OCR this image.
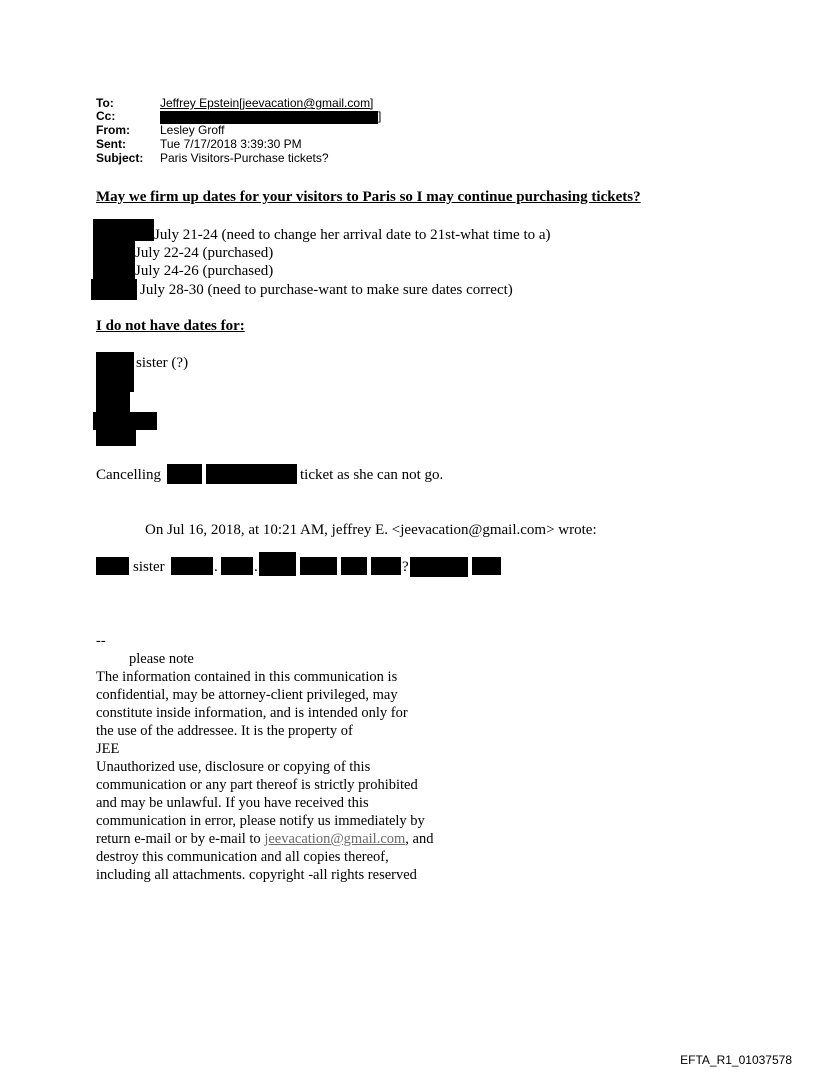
To:	Jeffrey Epstein[jeevacation@gmail.com]
Cc:	]
From:	Lesley Groff
Sent:	Tue 7/17/2018 3:39:30 PM
Subject: Paris Visitors-Purchase tickets?
May we firm up dates for your visitors to Paris so I may continue purchasing tickets?
July 21-24 (need to change her arrival date to 21st-what time to a)
July 22-24 (purchased)
July 24-26 (purchased)
July 28-30 (need to purchase-want to make sure dates correct)
I do not have dates for:
sister (?)
Cancelling	ticket as she can not go.
On Jul 16, 2018, at 10:21 AM, jeffrey E. <jeevacation@gmail.com> wrote:
sister	. .	?
--
please note
The information contained in this communication is
confidential, may be attorney-client privileged, may
constitute inside information, and is intended only for
the use of the addressee. It is the property of
JEE
Unauthorized use, disclosure or copying of this
communication or any part thereof is strictly prohibited
and may be unlawful. If you have received this
communication in error, please notify us immediately by
return e-mail or by e-mail to jeevacation@gmail.com, and
destroy this communication and all copies thereof,
including all attachments. copyright -all rights reserved
EFTA_R1_01037578
